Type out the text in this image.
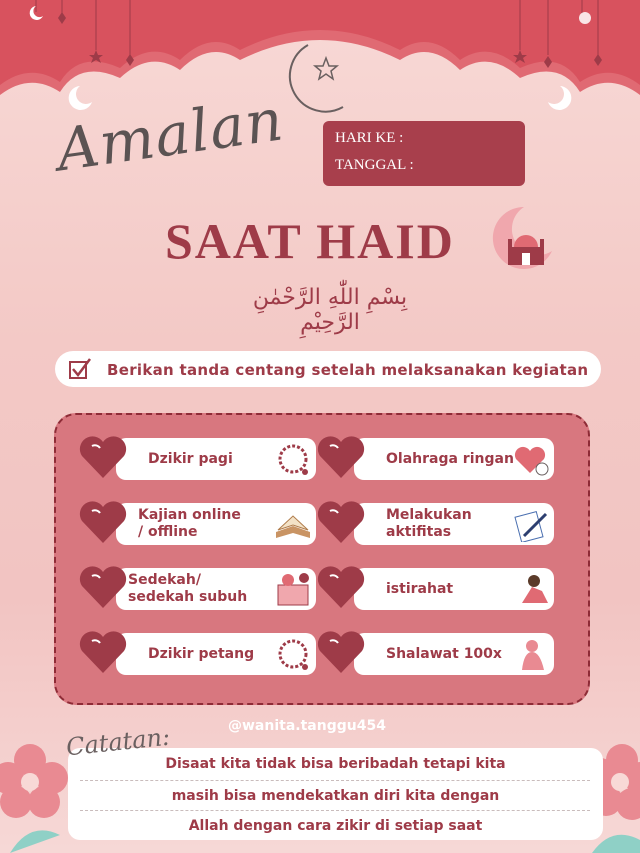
Amalan
SAAT HAID
HARI KE :
TANGGAL :
بِسْمِ اللّٰهِ الرَّحْمٰنِ الرَّحِيْمِ
Berikan tanda centang setelah melaksanakan kegiatan
Dzikir pagi
Kajian online
/ offline
Sedekah/
sedekah subuh
Dzikir petang
Olahraga ringan
Melakukan
aktifitas
istirahat
Shalawat 100x
@wanita.tanggu454
Disaat kita tidak bisa beribadah tetapi kita
masih bisa mendekatkan diri kita dengan
Allah dengan cara zikir di setiap saat
Catatan:
